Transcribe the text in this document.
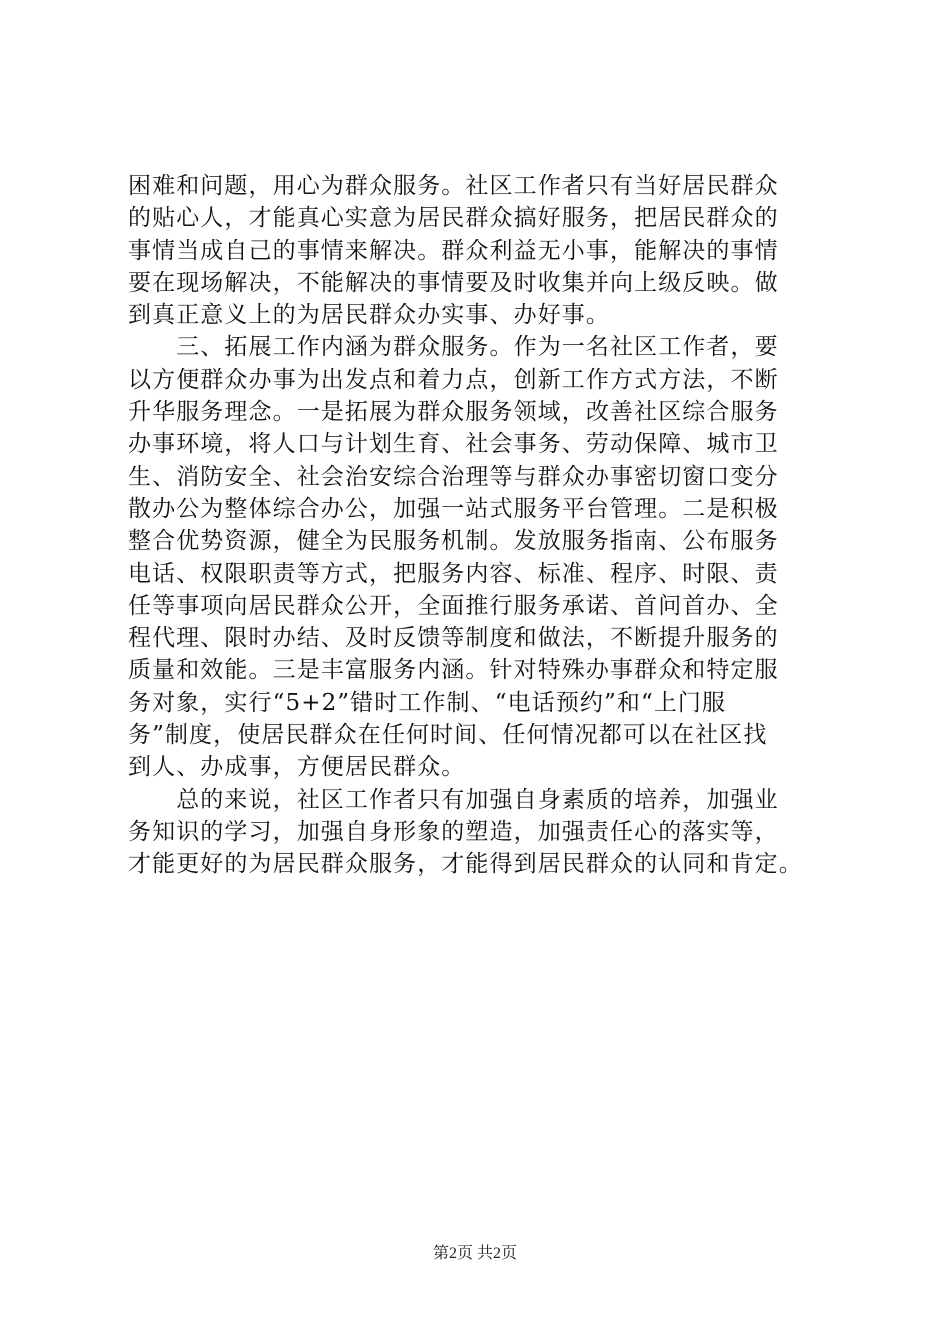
困难和问题，用心为群众服务。社区工作者只有当好居民群众
的贴心人，才能真心实意为居民群众搞好服务，把居民群众的
事情当成自己的事情来解决。群众利益无小事，能解决的事情
要在现场解决，不能解决的事情要及时收集并向上级反映。做
到真正意义上的为居民群众办实事、办好事。
　　三、拓展工作内涵为群众服务。作为一名社区工作者，要
以方便群众办事为出发点和着力点，创新工作方式方法，不断
升华服务理念。一是拓展为群众服务领域，改善社区综合服务
办事环境，将人口与计划生育、社会事务、劳动保障、城市卫
生、消防安全、社会治安综合治理等与群众办事密切窗口变分
散办公为整体综合办公，加强一站式服务平台管理。二是积极
整合优势资源，健全为民服务机制。发放服务指南、公布服务
电话、权限职责等方式，把服务内容、标准、程序、时限、责
任等事项向居民群众公开，全面推行服务承诺、首问首办、全
程代理、限时办结、及时反馈等制度和做法，不断提升服务的
质量和效能。三是丰富服务内涵。针对特殊办事群众和特定服
务对象，实行“5+2”错时工作制、“电话预约”和“上门服
务”制度，使居民群众在任何时间、任何情况都可以在社区找
到人、办成事，方便居民群众。
　　总的来说，社区工作者只有加强自身素质的培养，加强业
务知识的学习，加强自身形象的塑造，加强责任心的落实等，
才能更好的为居民群众服务，才能得到居民群众的认同和肯定。
第2页 共2页
